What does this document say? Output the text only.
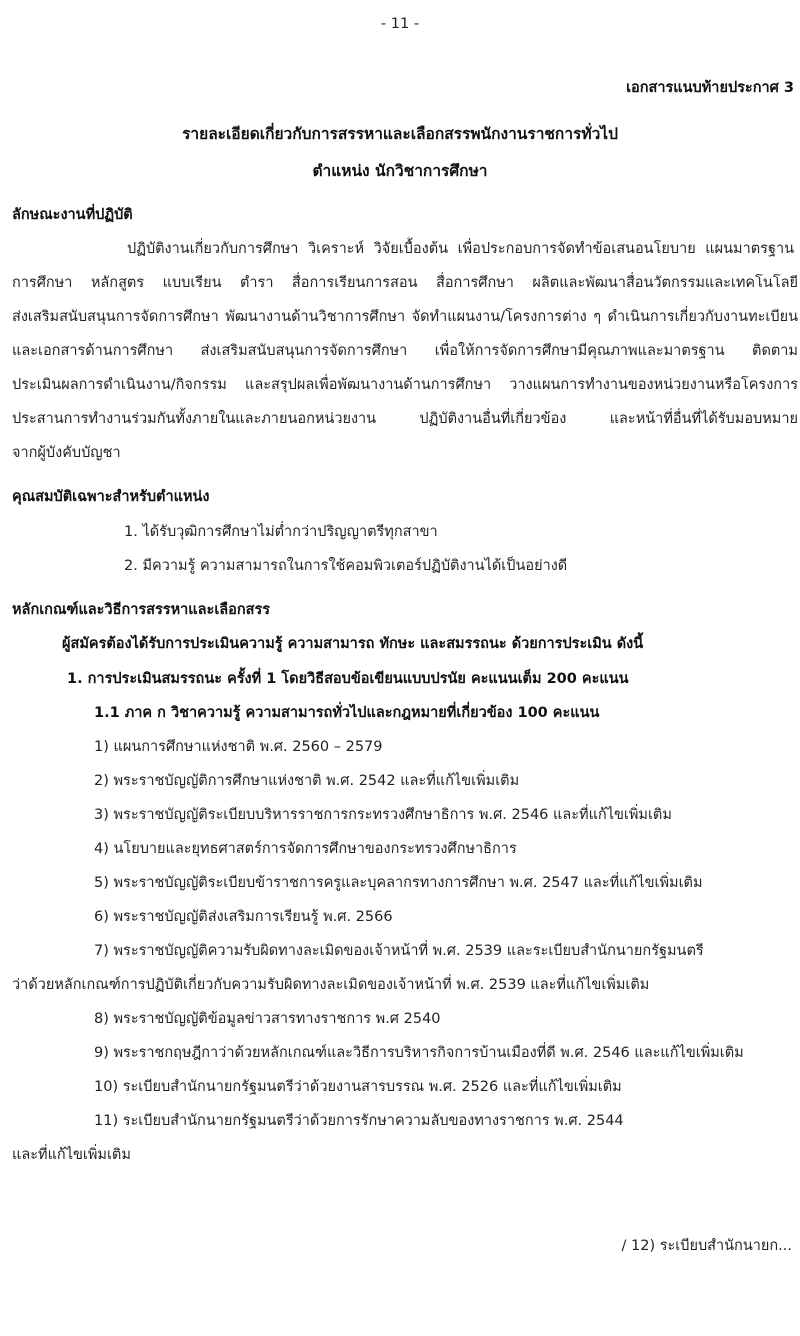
- 11 -
เอกสารแนบท้ายประกาศ 3
รายละเอียดเกี่ยวกับการสรรหาและเลือกสรรพนักงานราชการทั่วไป
ตำแหน่ง นักวิชาการศึกษา
ลักษณะงานที่ปฏิบัติ
ปฏิบัติงานเกี่ยวกับการศึกษา วิเคราะห์ วิจัยเบื้องต้น เพื่อประกอบการจัดทำข้อเสนอนโยบาย แผนมาตรฐาน
การศึกษา หลักสูตร แบบเรียน ตำรา สื่อการเรียนการสอน สื่อการศึกษา ผลิตและพัฒนาสื่อนวัตกรรมและเทคโนโลยี
ส่งเสริมสนับสนุนการจัดการศึกษา พัฒนางานด้านวิชาการศึกษา จัดทำแผนงาน/โครงการต่าง ๆ ดำเนินการเกี่ยวกับงานทะเบียน
และเอกสารด้านการศึกษา ส่งเสริมสนับสนุนการจัดการศึกษา เพื่อให้การจัดการศึกษามีคุณภาพและมาตรฐาน ติดตาม
ประเมินผลการดำเนินงาน/กิจกรรม และสรุปผลเพื่อพัฒนางานด้านการศึกษา วางแผนการทำงานของหน่วยงานหรือโครงการ
ประสานการทำงานร่วมกันทั้งภายในและภายนอกหน่วยงาน ปฏิบัติงานอื่นที่เกี่ยวข้อง และหน้าที่อื่นที่ได้รับมอบหมาย
จากผู้บังคับบัญชา
คุณสมบัติเฉพาะสำหรับตำแหน่ง
1. ได้รับวุฒิการศึกษาไม่ต่ำกว่าปริญญาตรีทุกสาขา
2. มีความรู้ ความสามารถในการใช้คอมพิวเตอร์ปฏิบัติงานได้เป็นอย่างดี
หลักเกณฑ์และวิธีการสรรหาและเลือกสรร
ผู้สมัครต้องได้รับการประเมินความรู้ ความสามารถ ทักษะ และสมรรถนะ ด้วยการประเมิน ดังนี้
1. การประเมินสมรรถนะ ครั้งที่ 1 โดยวิธีสอบข้อเขียนแบบปรนัย คะแนนเต็ม 200 คะแนน
1.1 ภาค ก วิชาความรู้ ความสามารถทั่วไปและกฎหมายที่เกี่ยวข้อง 100 คะแนน
1) แผนการศึกษาแห่งชาติ พ.ศ. 2560 – 2579
2) พระราชบัญญัติการศึกษาแห่งชาติ พ.ศ. 2542 และที่แก้ไขเพิ่มเติม
3) พระราชบัญญัติระเบียบบริหารราชการกระทรวงศึกษาธิการ พ.ศ. 2546 และที่แก้ไขเพิ่มเติม
4) นโยบายและยุทธศาสตร์การจัดการศึกษาของกระทรวงศึกษาธิการ
5) พระราชบัญญัติระเบียบข้าราชการครูและบุคลากรทางการศึกษา พ.ศ. 2547 และที่แก้ไขเพิ่มเติม
6) พระราชบัญญัติส่งเสริมการเรียนรู้ พ.ศ. 2566
7) พระราชบัญญัติความรับผิดทางละเมิดของเจ้าหน้าที่ พ.ศ. 2539 และระเบียบสำนักนายกรัฐมนตรี
ว่าด้วยหลักเกณฑ์การปฏิบัติเกี่ยวกับความรับผิดทางละเมิดของเจ้าหน้าที่ พ.ศ. 2539 และที่แก้ไขเพิ่มเติม
8) พระราชบัญญัติข้อมูลข่าวสารทางราชการ พ.ศ 2540
9) พระราชกฤษฎีกาว่าด้วยหลักเกณฑ์และวิธีการบริหารกิจการบ้านเมืองที่ดี พ.ศ. 2546 และแก้ไขเพิ่มเติม
10) ระเบียบสำนักนายกรัฐมนตรีว่าด้วยงานสารบรรณ พ.ศ. 2526 และที่แก้ไขเพิ่มเติม
11) ระเบียบสำนักนายกรัฐมนตรีว่าด้วยการรักษาความลับของทางราชการ พ.ศ. 2544
และที่แก้ไขเพิ่มเติม
/ 12) ระเบียบสำนักนายก...
